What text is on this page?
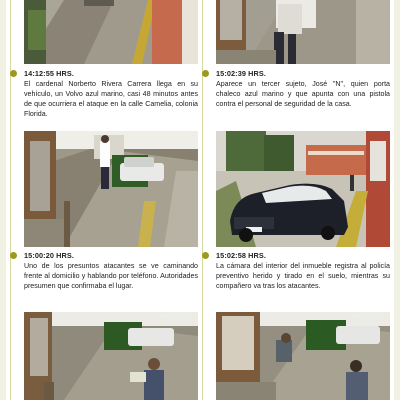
14:12:55 HRS.
El cardenal Norberto Rivera Carrera llega en su vehículo, un Volvo azul marino, casi 48 minutos antes de que ocurriera el ataque en la calle Camelia, colonia Florida.
20
15:00:20 HRS.
Uno de los presuntos atacantes se ve caminando frente al domicilio y hablando por teléfono. Autoridades presumen que confirmaba el lugar.
2019 15:01:61
15:02:39 HRS.
Aparece un tercer sujeto, José "N", quien porta chaleco azul marino y que apunta con una pistola contra el personal de seguridad de la casa.
15:02:58 HRS.
La cámara del interior del inmueble registra al policía preventivo herido y tirado en el suelo, mientras su compañero va tras los atacantes.
2019 15:02:44
